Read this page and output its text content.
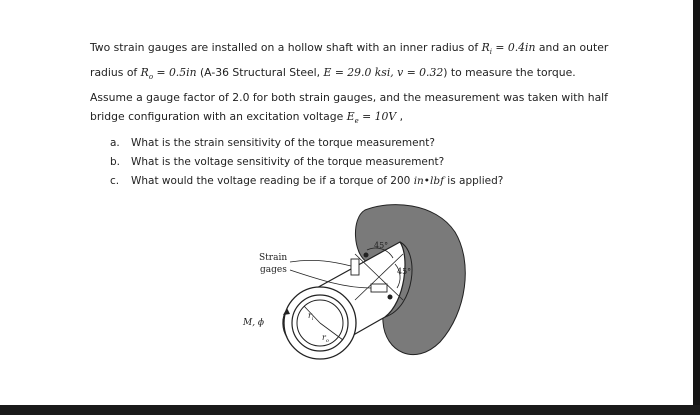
Two strain gauges are installed on a hollow shaft with an inner radius of $R_i = 0.4in$ and an outer radius of $R_o = 0.5in$ (A-36 Structural Steel, E = 29.0 ksi, v = 0.32) to measure the torque. Assume a gauge factor of 2.0 for both strain gauges, and the measurement was taken with half bridge configuration with an excitation voltage $E_e = 10V$ ,

a.	What is the strain sensitivity of the torque measurement?
b.	What is the voltage sensitivity of the torque measurement?
c.	What would the voltage reading be if a torque of 200 in•lbf is applied?
$r_i$
$r_o$
45°
45°
Strain
gages
M, ϕ
